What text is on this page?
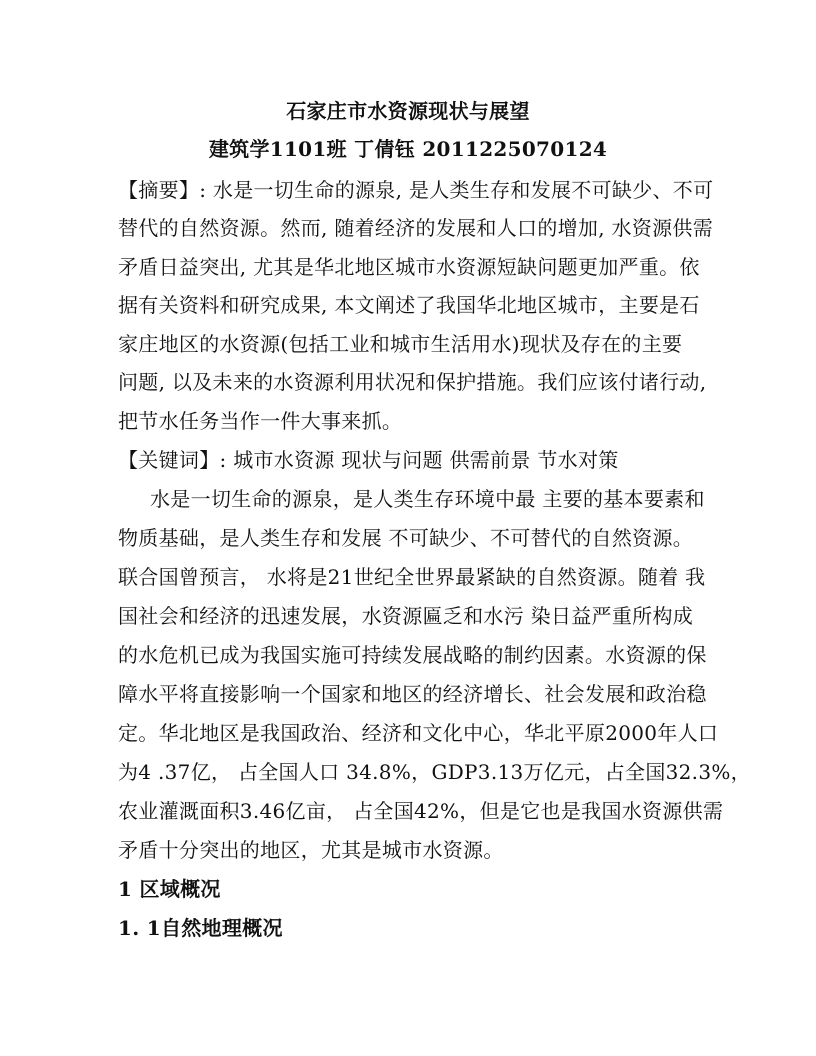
石家庄市水资源现状与展望
建筑学1101班 丁倩钰 2011225070124
【摘要】: 水是一切生命的源泉, 是人类生存和发展不可缺少、不可
替代的自然资源。然而, 随着经济的发展和人口的增加, 水资源供需
矛盾日益突出, 尤其是华北地区城市水资源短缺问题更加严重。依
据有关资料和研究成果, 本文阐述了我国华北地区城市，主要是石
家庄地区的水资源(包括工业和城市生活用水)现状及存在的主要
问题, 以及未来的水资源利用状况和保护措施。我们应该付诸行动,
把节水任务当作一件大事来抓。
【关键词】: 城市水资源 现状与问题 供需前景 节水对策
水是一切生命的源泉，是人类生存环境中最 主要的基本要素和
物质基础，是人类生存和发展 不可缺少、不可替代的自然资源。
联合国曾预言， 水将是21世纪全世界最紧缺的自然资源。随着 我
国社会和经济的迅速发展，水资源匾乏和水污 染日益严重所构成
的水危机已成为我国实施可持续发展战略的制约因素。水资源的保
障水平将直接影响一个国家和地区的经济增长、社会发展和政治稳
定。华北地区是我国政治、经济和文化中心，华北平原2000年人口
为4 .37亿， 占全国人口 34.8%，GDP3.13万亿元，占全国32.3%，
农业灌溉面积3.46亿亩， 占全国42%，但是它也是我国水资源供需
矛盾十分突出的地区，尤其是城市水资源。
1 区域概况
1. 1自然地理概况
